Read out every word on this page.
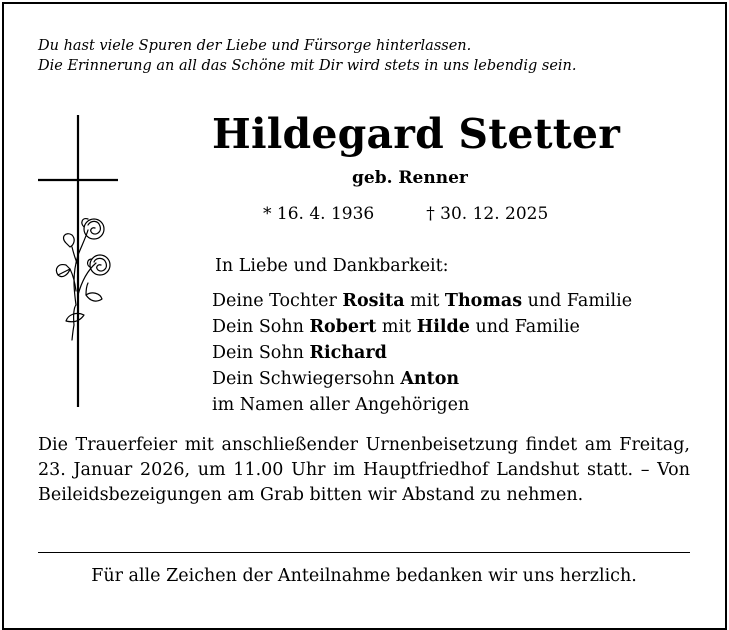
Du hast viele Spuren der Liebe und Fürsorge hinterlassen.
Die Erinnerung an all das Schöne mit Dir wird stets in uns lebendig sein.
Hildegard Stetter
geb. Renner
* 16. 4. 1936	† 30. 12. 2025
In Liebe und Dankbarkeit:
Deine Tochter Rosita mit Thomas und Familie
Dein Sohn Robert mit Hilde und Familie
Dein Sohn Richard
Dein Schwiegersohn Anton
im Namen aller Angehörigen
Die Trauerfeier mit anschließender Urnenbeisetzung findet am Freitag, 23. Januar 2026, um 11.00 Uhr im Hauptfriedhof Landshut statt. – Von Beileidsbezeigungen am Grab bitten wir Abstand zu nehmen.
Für alle Zeichen der Anteilnahme bedanken wir uns herzlich.
